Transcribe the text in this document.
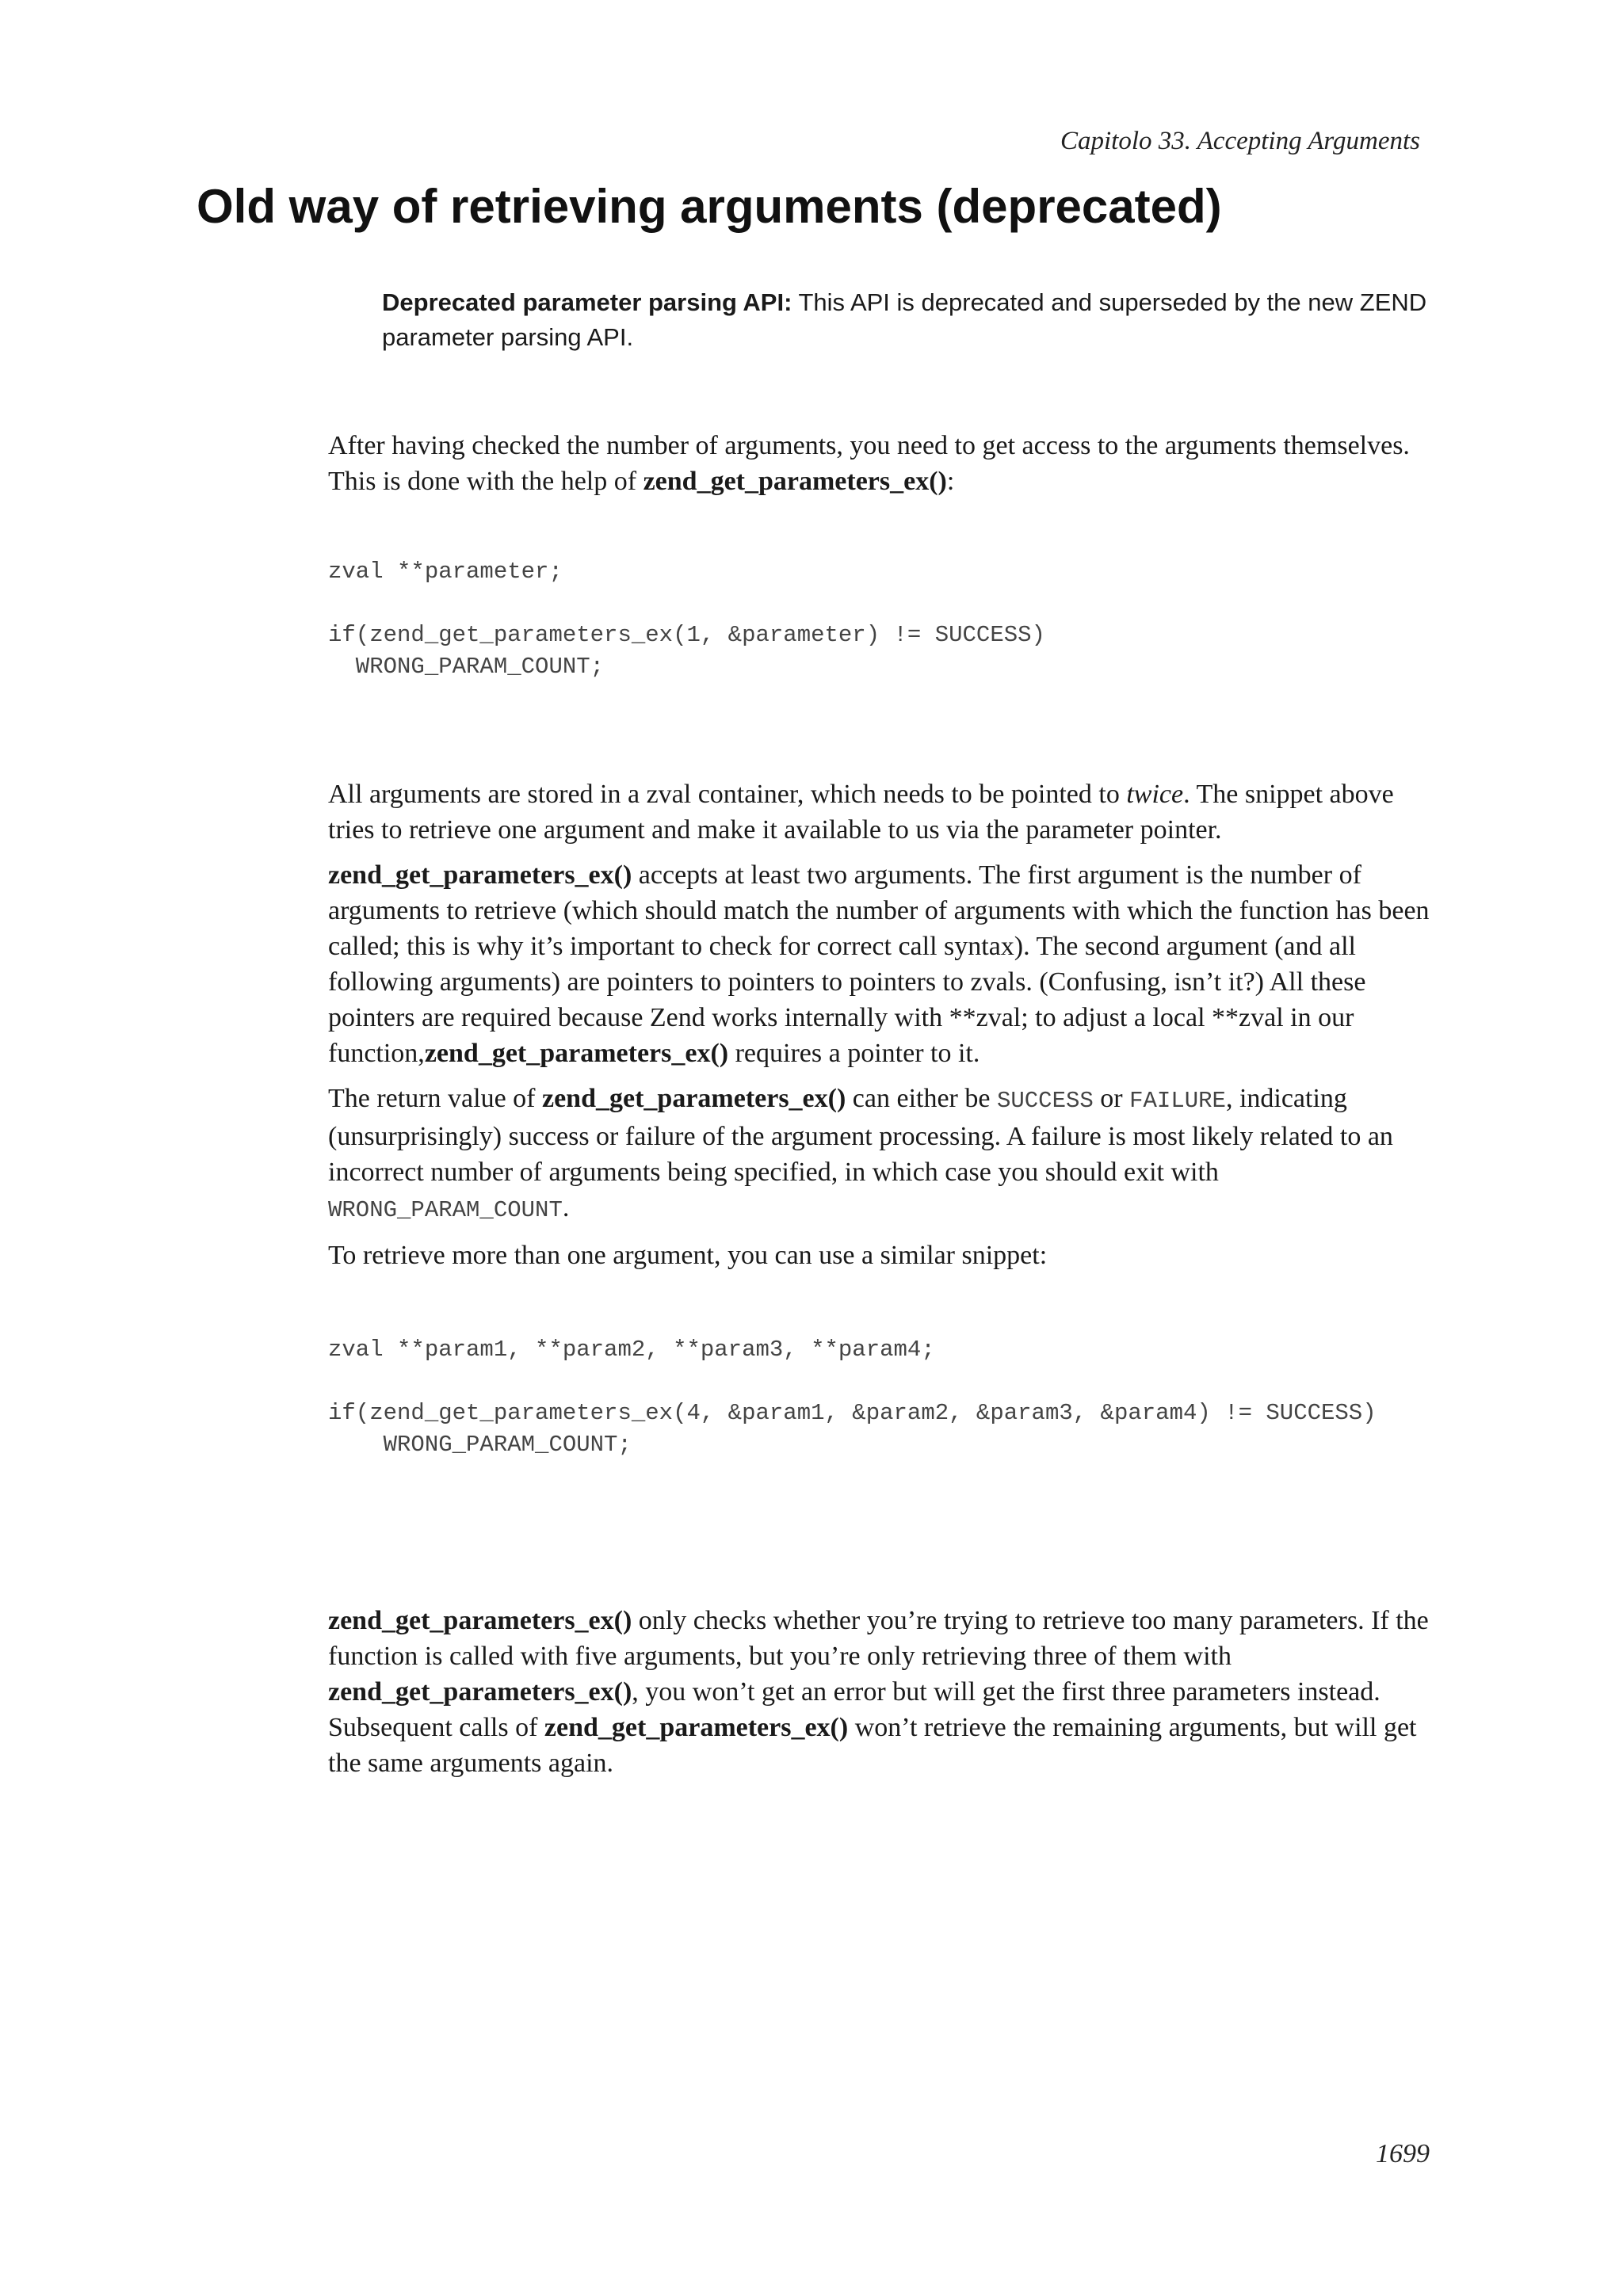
Capitolo 33. Accepting Arguments
Old way of retrieving arguments (deprecated)
Deprecated parameter parsing API: This API is deprecated and superseded by the new ZEND parameter parsing API.

After having checked the number of arguments, you need to get access to the arguments themselves. This is done with the help of zend_get_parameters_ex():

zval **parameter;

if(zend_get_parameters_ex(1, &parameter) != SUCCESS)
WRONG_PARAM_COUNT;

All arguments are stored in a zval container, which needs to be pointed to twice. The snippet above tries to retrieve one argument and make it available to us via the parameter pointer.

zend_get_parameters_ex() accepts at least two arguments. The first argument is the number of arguments to retrieve (which should match the number of arguments with which the function has been called; this is why it’s important to check for correct call syntax). The second argument (and all following arguments) are pointers to pointers to pointers to zvals. (Confusing, isn’t it?) All these pointers are required because Zend works internally with **zval; to adjust a local **zval in our function,zend_get_parameters_ex() requires a pointer to it.

The return value of zend_get_parameters_ex() can either be SUCCESS or FAILURE, indicating (unsurprisingly) success or failure of the argument processing. A failure is most likely related to an incorrect number of arguments being specified, in which case you should exit with WRONG_PARAM_COUNT.

To retrieve more than one argument, you can use a similar snippet:

zval **param1, **param2, **param3, **param4;

if(zend_get_parameters_ex(4, &param1, &param2, &param3, &param4) != SUCCESS)
WRONG_PARAM_COUNT;

zend_get_parameters_ex() only checks whether you’re trying to retrieve too many parameters. If the function is called with five arguments, but you’re only retrieving three of them with zend_get_parameters_ex(), you won’t get an error but will get the first three parameters instead. Subsequent calls of zend_get_parameters_ex() won’t retrieve the remaining arguments, but will get the same arguments again.

1699
